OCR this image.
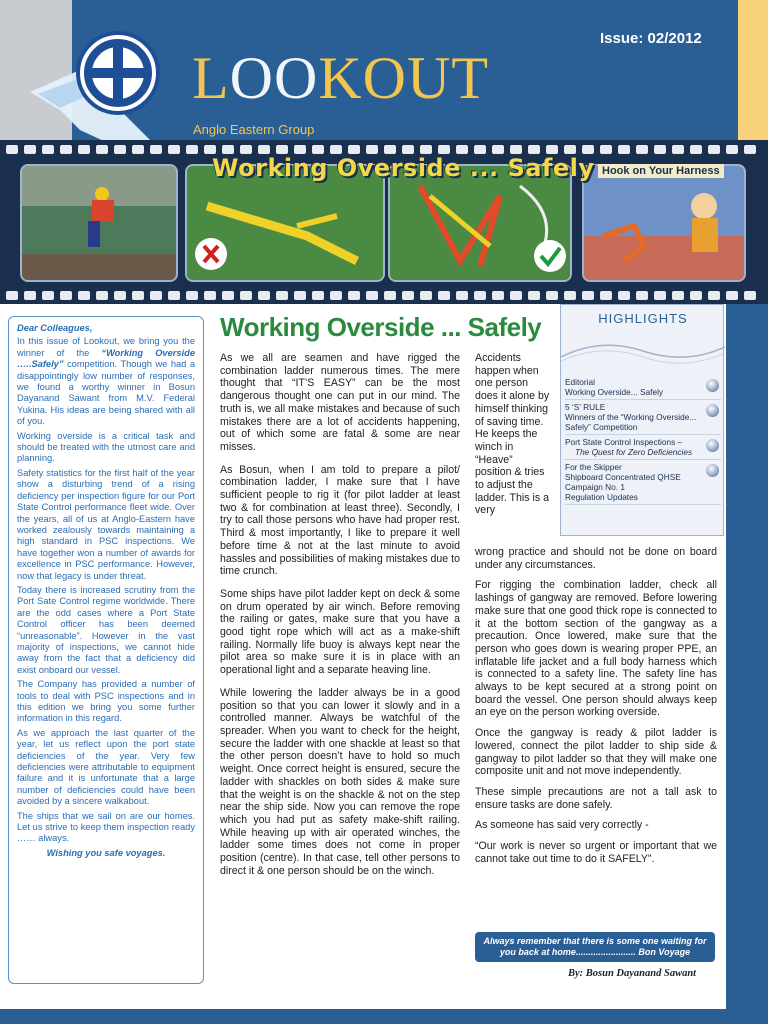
LOOKOUT
Anglo Eastern Group
Issue: 02/2012
Working Overside ... Safely Hook on Your Harness

Dear Colleagues,

In this issue of Lookout, we bring you the winner of the “Working Overside …..Safely” competition. Though we had a disappointingly low number of responses, we found a worthy winner in Bosun Dayanand Sawant from M.V. Federal Yukina. His ideas are being shared with all of you.

Working overside is a critical task and should be treated with the utmost care and planning.

Safety statistics for the first half of the year show a disturbing trend of a rising deficiency per inspection figure for our Port State Control performance fleet wide. Over the years, all of us at Anglo-Eastern have worked zealously towards maintaining a high standard in PSC inspections. We have together won a number of awards for excellence in PSC performance. However, now that legacy is under threat.

Today there is increased scrutiny from the Port Sate Control regime worldwide. There are the odd cases where a Port State Control officer has been deemed “unreasonable”. However in the vast majority of inspections, we cannot hide away from the fact that a deficiency did exist onboard our vessel.

The Company has provided a number of tools to deal with PSC inspections and in this edition we bring you some further information in this regard.

As we approach the last quarter of the year, let us reflect upon the port state deficiencies of the year. Very few deficiencies were attributable to equipment failure and it is unfortunate that a large number of deficiencies could have been avoided by a sincere walkabout.

The ships that we sail on are our homes. Let us strive to keep them inspection ready …… always.

Wishing you safe voyages.

Working Overside ... Safely

As we all are seamen and have rigged the combination ladder numerous times. The mere thought that “IT’S EASY” can be the most dangerous thought one can put in our mind. The truth is, we all make mistakes and because of such mistakes there are a lot of accidents happening, out of which some are fatal & some are near misses.

As Bosun, when I am told to prepare a pilot/ combination ladder, I make sure that I have sufficient people to rig it (for pilot ladder at least two & for combination at least three). Secondly, I try to call those persons who have had proper rest. Third & most importantly, I like to prepare it well before time & not at the last minute to avoid hassles and possibilities of making mistakes due to time crunch.

Some ships have pilot ladder kept on deck & some on drum operated by air winch. Before removing the railing or gates, make sure that you have a good tight rope which will act as a make-shift railing. Normally life buoy is always kept near the pilot area so make sure it is in place with an operational light and a separate heaving line.

While lowering the ladder always be in a good position so that you can lower it slowly and in a controlled manner. Always be watchful of the spreader. When you want to check for the height, secure the ladder with one shackle at least so that the other person doesn’t have to hold so much weight. Once correct height is ensured, secure the ladder with shackles on both sides & make sure that the weight is on the shackle & not on the step near the ship side. Now you can remove the rope which you had put as safety make-shift railing. While heaving up with air operated winches, the ladder some times does not come in proper position (centre). In that case, tell other persons to direct it & one person should be on the winch.

Accidents happen when one person does it alone by himself thinking of saving time. He keeps the winch in “Heave” position & tries to adjust the ladder. This is a very

wrong practice and should not be done on board under any circumstances.

For rigging the combination ladder, check all lashings of gangway are removed. Before lowering make sure that one good thick rope is connected to it at the bottom section of the gangway as a precaution. Once lowered, make sure that the person who goes down is wearing proper PPE, an inflatable life jacket and a full body harness which is connected to a safety line. The safety line has always to be kept secured at a strong point on board the vessel. One person should always keep an eye on the person working overside.

Once the gangway is ready & pilot ladder is lowered, connect the pilot ladder to ship side & gangway to pilot ladder so that they will make one composite unit and not move independently.

These simple precautions are not a tall ask to ensure tasks are done safely.

As someone has said very correctly -

“Our work is never so urgent or important that we cannot take out time to do it SAFELY”.

HIGHLIGHTS
Editorial
Working Overside... Safely
5 ‘S’ RULE
Winners of the “Working Overside... Safely” Competition
Port State Control Inspections –
The Quest for Zero Deficiencies
For the Skipper
Shipboard Concentrated QHSE Campaign No. 1
Regulation Updates
Always remember that there is some one waiting for you back at home........................ Bon Voyage
By: Bosun Dayanand Sawant
